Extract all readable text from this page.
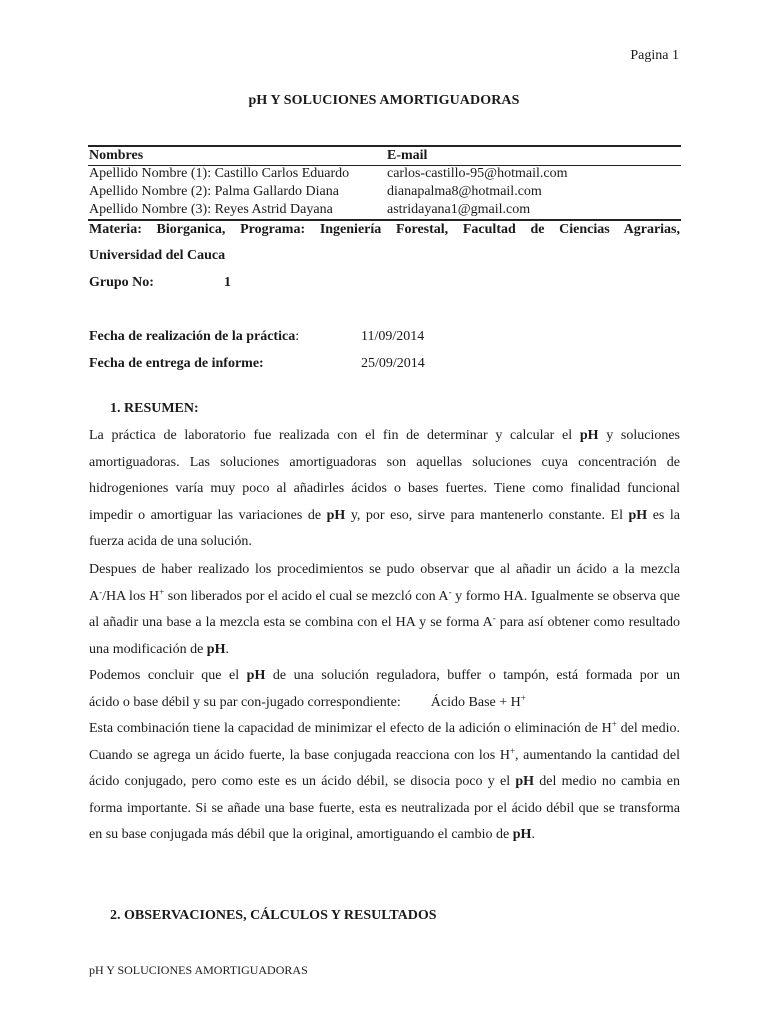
Pagina 1
pH Y SOLUCIONES AMORTIGUADORAS
Nombres	E-mail
Apellido Nombre (1): Castillo Carlos Eduardo	carlos-castillo-95@hotmail.com
Apellido Nombre (2): Palma Gallardo Diana	dianapalma8@hotmail.com
Apellido Nombre (3): Reyes Astrid Dayana	astridayana1@gmail.com
Materia: Biorganica, Programa: Ingeniería Forestal, Facultad de Ciencias Agrarias,
Universidad del Cauca
Grupo No:	1
Fecha de realización de la práctica:	11/09/2014
Fecha de entrega de informe:	25/09/2014
1. RESUMEN:
La práctica de laboratorio fue realizada con el fin de determinar y calcular el pH y soluciones amortiguadoras. Las soluciones amortiguadoras son aquellas soluciones cuya concentración de hidrogeniones varía muy poco al añadirles ácidos o bases fuertes. Tiene como finalidad funcional impedir o amortiguar las variaciones de pH y, por eso, sirve para mantenerlo constante. El pH es la fuerza acida de una solución.
Despues de haber realizado los procedimientos se pudo observar que al añadir un ácido a la mezcla A-/HA los H+ son liberados por el acido el cual se mezcló con A- y formo HA. Igualmente se observa que al añadir una base a la mezcla esta se combina con el HA y se forma A- para así obtener como resultado una modificación de pH.
Podemos concluir que el pH de una solución reguladora, buffer o tampón, está formada por un
ácido o base débil y su par con-jugado correspondiente: Ácido Base + H+
Esta combinación tiene la capacidad de minimizar el efecto de la adición o eliminación de H+ del medio. Cuando se agrega un ácido fuerte, la base conjugada reacciona con los H+, aumentando la cantidad del ácido conjugado, pero como este es un ácido débil, se disocia poco y el pH del medio no cambia en forma importante. Si se añade una base fuerte, esta es neutralizada por el ácido débil que se transforma en su base conjugada más débil que la original, amortiguando el cambio de pH.
2. OBSERVACIONES, CÁLCULOS Y RESULTADOS
pH Y SOLUCIONES AMORTIGUADORAS
